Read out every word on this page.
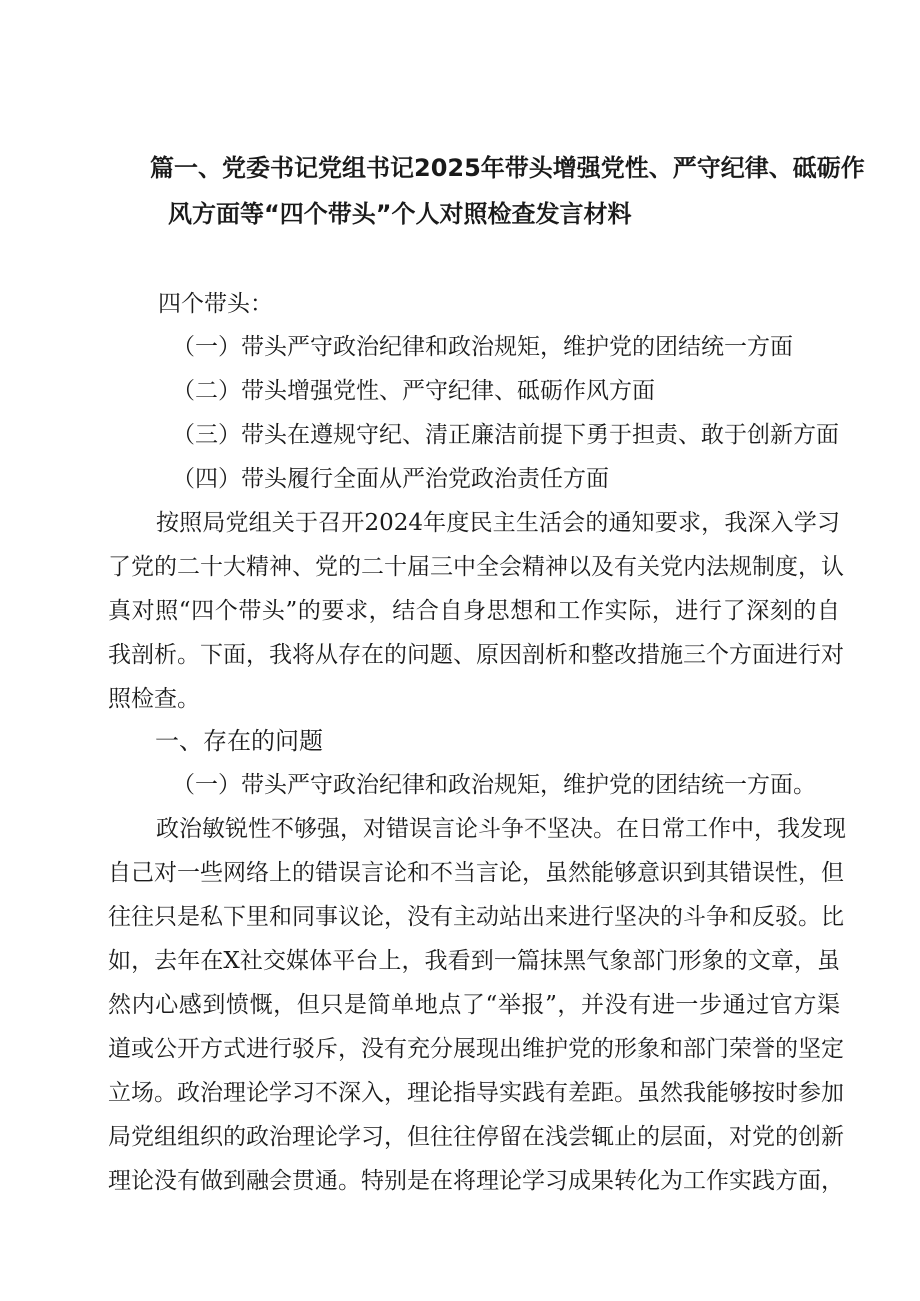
篇一、党委书记党组书记2025年带头增强党性、严守纪律、砥砺作
风方面等“四个带头”个人对照检查发言材料
四个带头：
（一）带头严守政治纪律和政治规矩，维护党的团结统一方面
（二）带头增强党性、严守纪律、砥砺作风方面
（三）带头在遵规守纪、清正廉洁前提下勇于担责、敢于创新方面
（四）带头履行全面从严治党政治责任方面
按照局党组关于召开2024年度民主生活会的通知要求，我深入学习
了党的二十大精神、党的二十届三中全会精神以及有关党内法规制度，认
真对照“四个带头”的要求，结合自身思想和工作实际，进行了深刻的自
我剖析。下面，我将从存在的问题、原因剖析和整改措施三个方面进行对
照检查。
一、存在的问题
（一）带头严守政治纪律和政治规矩，维护党的团结统一方面。
政治敏锐性不够强，对错误言论斗争不坚决。在日常工作中，我发现
自己对一些网络上的错误言论和不当言论，虽然能够意识到其错误性，但
往往只是私下里和同事议论，没有主动站出来进行坚决的斗争和反驳。比
如，去年在X社交媒体平台上，我看到一篇抹黑气象部门形象的文章，虽
然内心感到愤慨，但只是简单地点了“举报”，并没有进一步通过官方渠
道或公开方式进行驳斥，没有充分展现出维护党的形象和部门荣誉的坚定
立场。政治理论学习不深入，理论指导实践有差距。虽然我能够按时参加
局党组组织的政治理论学习，但往往停留在浅尝辄止的层面，对党的创新
理论没有做到融会贯通。特别是在将理论学习成果转化为工作实践方面，
